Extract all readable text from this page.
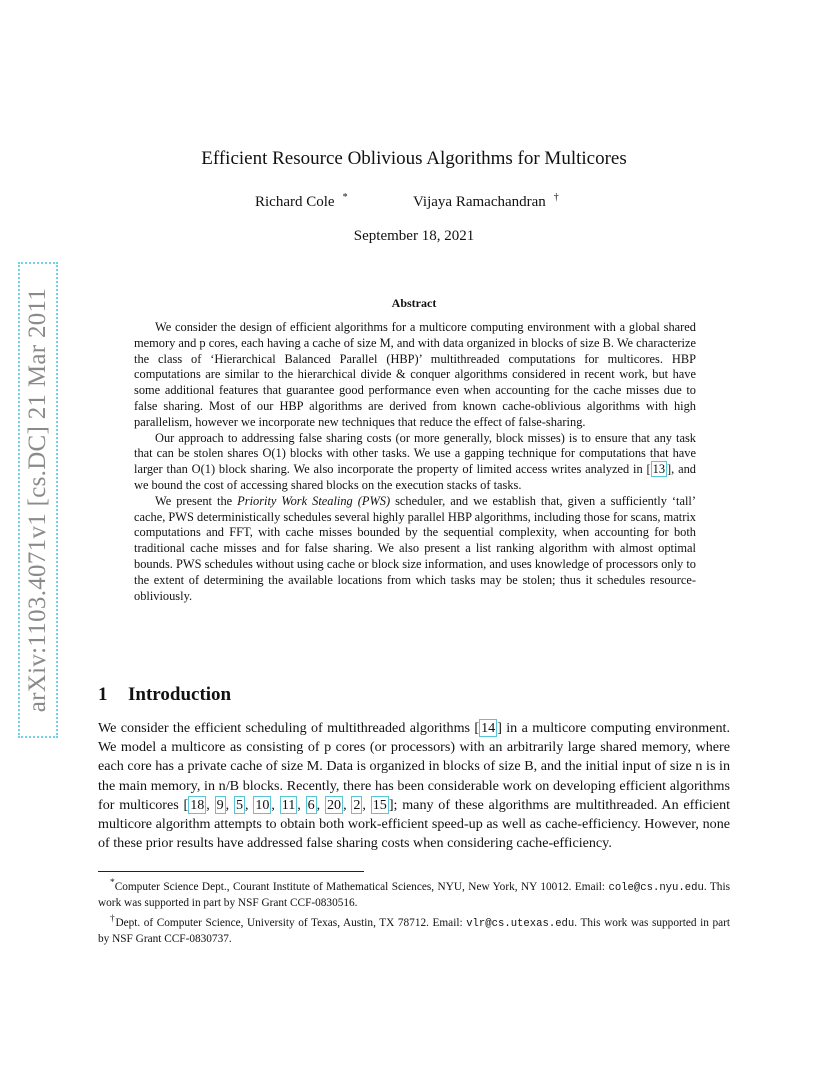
arXiv:1103.4071v1 [cs.DC] 21 Mar 2011
Efficient Resource Oblivious Algorithms for Multicores
Richard Cole *	Vijaya Ramachandran †
September 18, 2021
Abstract

We consider the design of efficient algorithms for a multicore computing environment with a global shared memory and p cores, each having a cache of size M, and with data organized in blocks of size B. We characterize the class of ‘Hierarchical Balanced Parallel (HBP)’ multithreaded computations for multicores. HBP computations are similar to the hierarchical divide & conquer algorithms considered in recent work, but have some additional features that guarantee good performance even when accounting for the cache misses due to false sharing. Most of our HBP algorithms are derived from known cache-oblivious algorithms with high parallelism, however we incorporate new techniques that reduce the effect of false-sharing.

Our approach to addressing false sharing costs (or more generally, block misses) is to ensure that any task that can be stolen shares O(1) blocks with other tasks. We use a gapping technique for computations that have larger than O(1) block sharing. We also incorporate the property of limited access writes analyzed in [ 13 ], and we bound the cost of accessing shared blocks on the execution stacks of tasks.

We present the Priority Work Stealing (PWS) scheduler, and we establish that, given a sufficiently ‘tall’ cache, PWS deterministically schedules several highly parallel HBP algorithms, including those for scans, matrix computations and FFT, with cache misses bounded by the sequential complexity, when accounting for both traditional cache misses and for false sharing. We also present a list ranking algorithm with almost optimal bounds. PWS schedules without using cache or block size information, and uses knowledge of processors only to the extent of determining the available locations from which tasks may be stolen; thus it schedules resource-obliviously.

1 Introduction

We consider the efficient scheduling of multithreaded algorithms [ 14 ] in a multicore computing environment. We model a multicore as consisting of p cores (or processors) with an arbitrarily large shared memory, where each core has a private cache of size M. Data is organized in blocks of size B, and the initial input of size n is in the main memory, in n/B blocks. Recently, there has been considerable work on developing efficient algorithms for multicores [ 18 , 9 , 5 , 10 , 11 , 6 , 20 , 2 , 15 ]; many of these algorithms are multithreaded. An efficient multicore algorithm attempts to obtain both work-efficient speed-up as well as cache-efficiency. However, none of these prior results have addressed false sharing costs when considering cache-efficiency.

*Computer Science Dept., Courant Institute of Mathematical Sciences, NYU, New York, NY 10012. Email: cole@cs.nyu.edu. This work was supported in part by NSF Grant CCF-0830516.

†Dept. of Computer Science, University of Texas, Austin, TX 78712. Email: vlr@cs.utexas.edu. This work was supported in part by NSF Grant CCF-0830737.
